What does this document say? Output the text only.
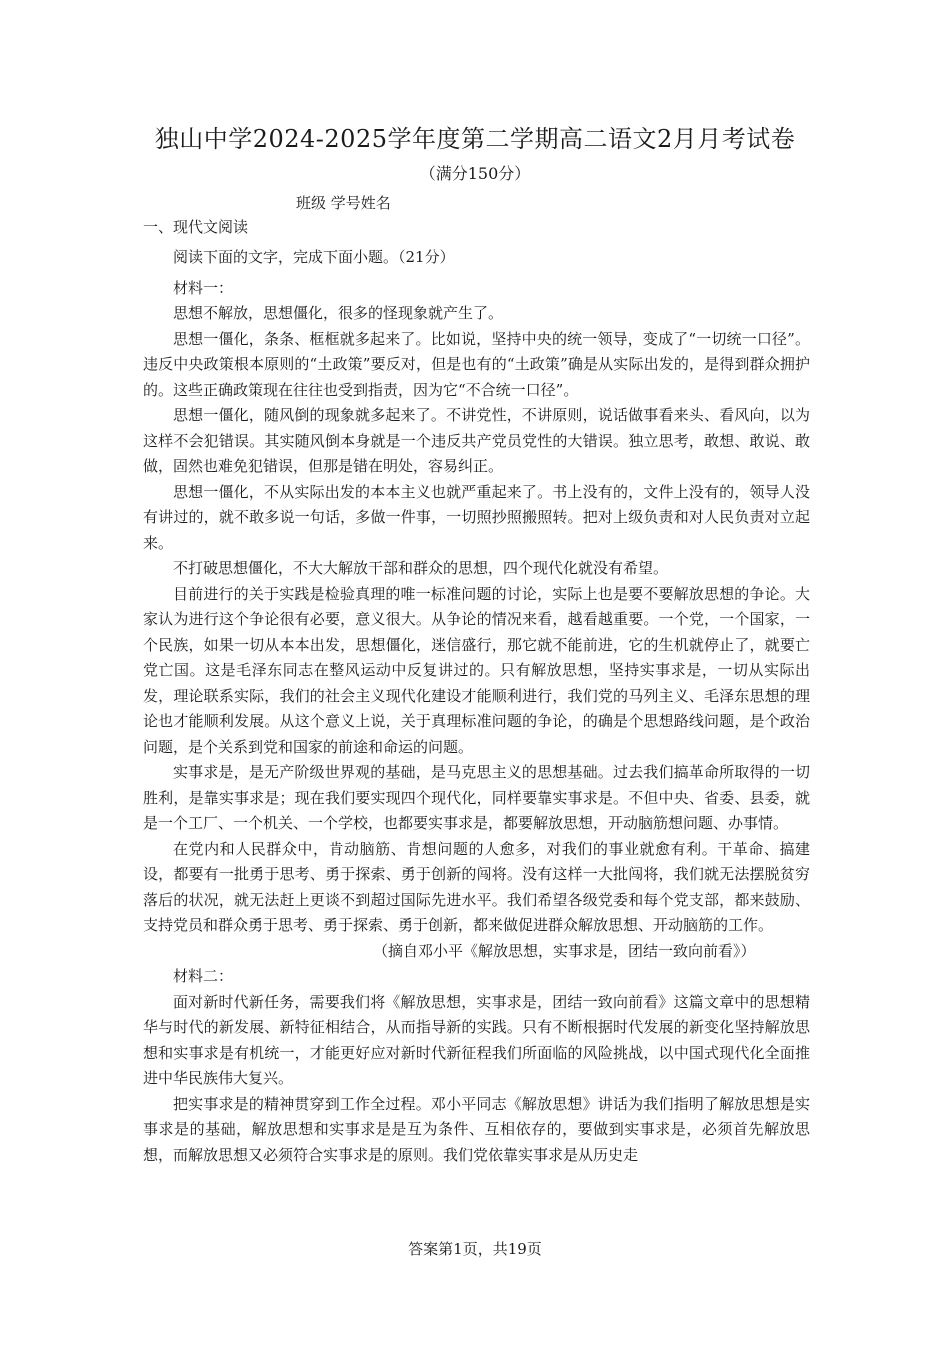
独山中学2024-2025学年度第二学期高二语文2月月考试卷
（满分150分）
班级 学号姓名
一、现代文阅读

阅读下面的文字，完成下面小题。（21分）

材料一：

思想不解放，思想僵化，很多的怪现象就产生了。

思想一僵化，条条、框框就多起来了。比如说，坚持中央的统一领导，变成了“一切统一口径”。违反中央政策根本原则的“土政策”要反对，但是也有的“土政策”确是从实际出发的，是得到群众拥护的。这些正确政策现在往往也受到指责，因为它“不合统一口径”。

思想一僵化，随风倒的现象就多起来了。不讲党性，不讲原则，说话做事看来头、看风向，以为这样不会犯错误。其实随风倒本身就是一个违反共产党员党性的大错误。独立思考，敢想、敢说、敢做，固然也难免犯错误，但那是错在明处，容易纠正。

思想一僵化，不从实际出发的本本主义也就严重起来了。书上没有的，文件上没有的，领导人没有讲过的，就不敢多说一句话，多做一件事，一切照抄照搬照转。把对上级负责和对人民负责对立起来。

不打破思想僵化，不大大解放干部和群众的思想，四个现代化就没有希望。

目前进行的关于实践是检验真理的唯一标准问题的讨论，实际上也是要不要解放思想的争论。大家认为进行这个争论很有必要，意义很大。从争论的情况来看，越看越重要。一个党，一个国家，一个民族，如果一切从本本出发，思想僵化，迷信盛行，那它就不能前进，它的生机就停止了，就要亡党亡国。这是毛泽东同志在整风运动中反复讲过的。只有解放思想，坚持实事求是，一切从实际出发，理论联系实际，我们的社会主义现代化建设才能顺利进行，我们党的马列主义、毛泽东思想的理论也才能顺利发展。从这个意义上说，关于真理标准问题的争论，的确是个思想路线问题，是个政治问题，是个关系到党和国家的前途和命运的问题。

实事求是，是无产阶级世界观的基础，是马克思主义的思想基础。过去我们搞革命所取得的一切胜利，是靠实事求是；现在我们要实现四个现代化，同样要靠实事求是。不但中央、省委、县委，就是一个工厂、一个机关、一个学校，也都要实事求是，都要解放思想，开动脑筋想问题、办事情。

在党内和人民群众中，肯动脑筋、肯想问题的人愈多，对我们的事业就愈有利。干革命、搞建设，都要有一批勇于思考、勇于探索、勇于创新的闯将。没有这样一大批闯将，我们就无法摆脱贫穷落后的状况，就无法赶上更谈不到超过国际先进水平。我们希望各级党委和每个党支部，都来鼓励、支持党员和群众勇于思考、勇于探索、勇于创新，都来做促进群众解放思想、开动脑筋的工作。

（摘自邓小平《解放思想，实事求是，团结一致向前看》）

材料二：

面对新时代新任务，需要我们将《解放思想，实事求是，团结一致向前看》这篇文章中的思想精华与时代的新发展、新特征相结合，从而指导新的实践。只有不断根据时代发展的新变化坚持解放思想和实事求是有机统一，才能更好应对新时代新征程我们所面临的风险挑战，以中国式现代化全面推进中华民族伟大复兴。

把实事求是的精神贯穿到工作全过程。邓小平同志《解放思想》讲话为我们指明了解放思想是实事求是的基础，解放思想和实事求是是互为条件、互相依存的，要做到实事求是，必须首先解放思想，而解放思想又必须符合实事求是的原则。我们党依靠实事求是从历史走

答案第1页，共19页
